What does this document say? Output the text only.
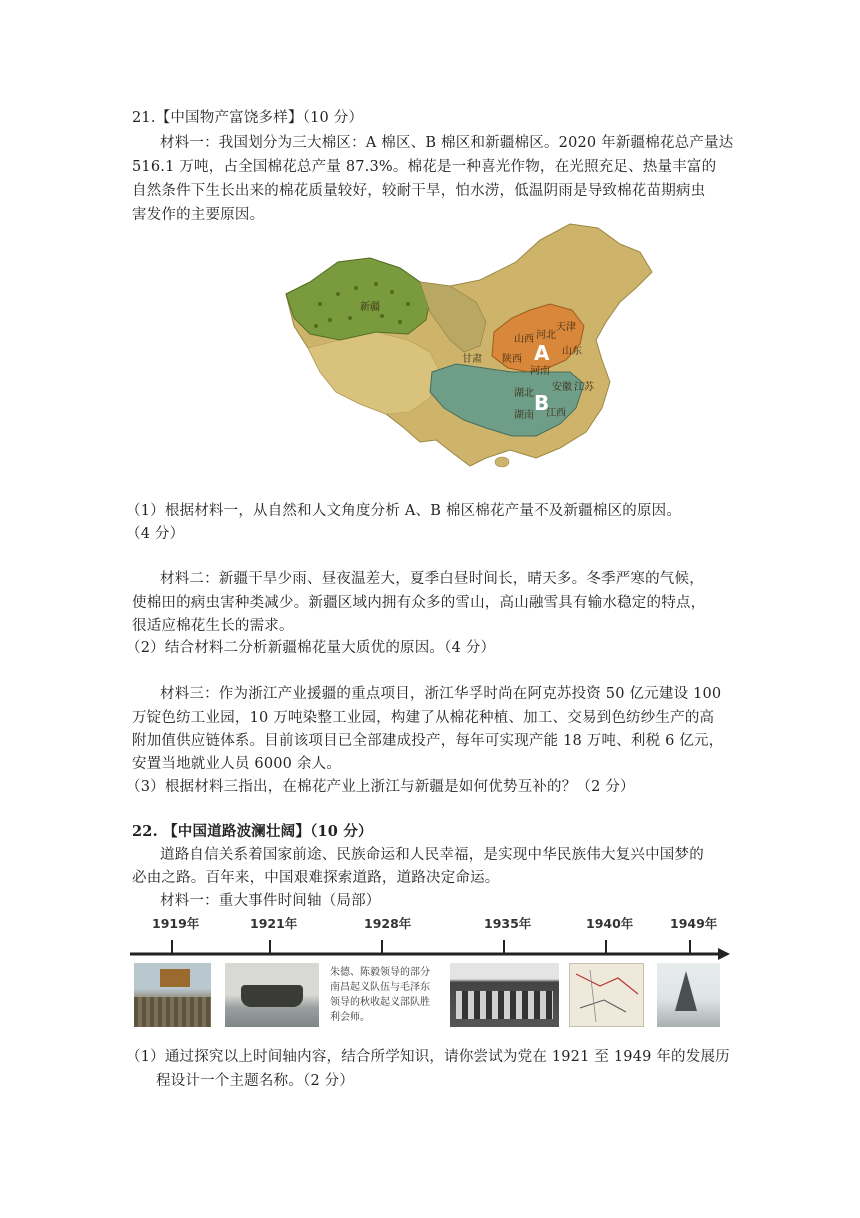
21.【中国物产富饶多样】（10 分）
材料一：我国划分为三大棉区：A 棉区、B 棉区和新疆棉区。2020 年新疆棉花总产量达
516.1 万吨，占全国棉花总产量 87.3%。棉花是一种喜光作物，在光照充足、热量丰富的
自然条件下生长出来的棉花质量较好，较耐干旱，怕水涝，低温阴雨是导致棉花苗期病虫
害发作的主要原因。
新疆
甘肃 陕西
山西 河北
天津
山东
河南
湖北
安徽 江苏
湖南 江西
A
B
（1）根据材料一，从自然和人文角度分析 A、B 棉区棉花产量不及新疆棉区的原因。
（4 分）
材料二：新疆干旱少雨、昼夜温差大，夏季白昼时间长，晴天多。冬季严寒的气候，
使棉田的病虫害种类减少。新疆区域内拥有众多的雪山，高山融雪具有输水稳定的特点，
很适应棉花生长的需求。
（2）结合材料二分析新疆棉花量大质优的原因。（4 分）
材料三：作为浙江产业援疆的重点项目，浙江华孚时尚在阿克苏投资 50 亿元建设 100
万锭色纺工业园，10 万吨染整工业园，构建了从棉花种植、加工、交易到色纺纱生产的高
附加值供应链体系。目前该项目已全部建成投产，每年可实现产能 18 万吨、利税 6 亿元，
安置当地就业人员 6000 余人。
（3）根据材料三指出，在棉花产业上浙江与新疆是如何优势互补的？（2 分）
22. 【中国道路波澜壮阔】（10 分）
道路自信关系着国家前途、民族命运和人民幸福，是实现中华民族伟大复兴中国梦的
必由之路。百年来，中国艰难探索道路，道路决定命运。
材料一：重大事件时间轴（局部）
1919年	1921年	1928年	1935年	1940年	1949年
朱德、陈毅领导的部分南昌起义队伍与毛泽东领导的秋收起义部队胜利会师。
（1）通过探究以上时间轴内容，结合所学知识，请你尝试为党在 1921 至 1949 年的发展历
程设计一个主题名称。（2 分）
